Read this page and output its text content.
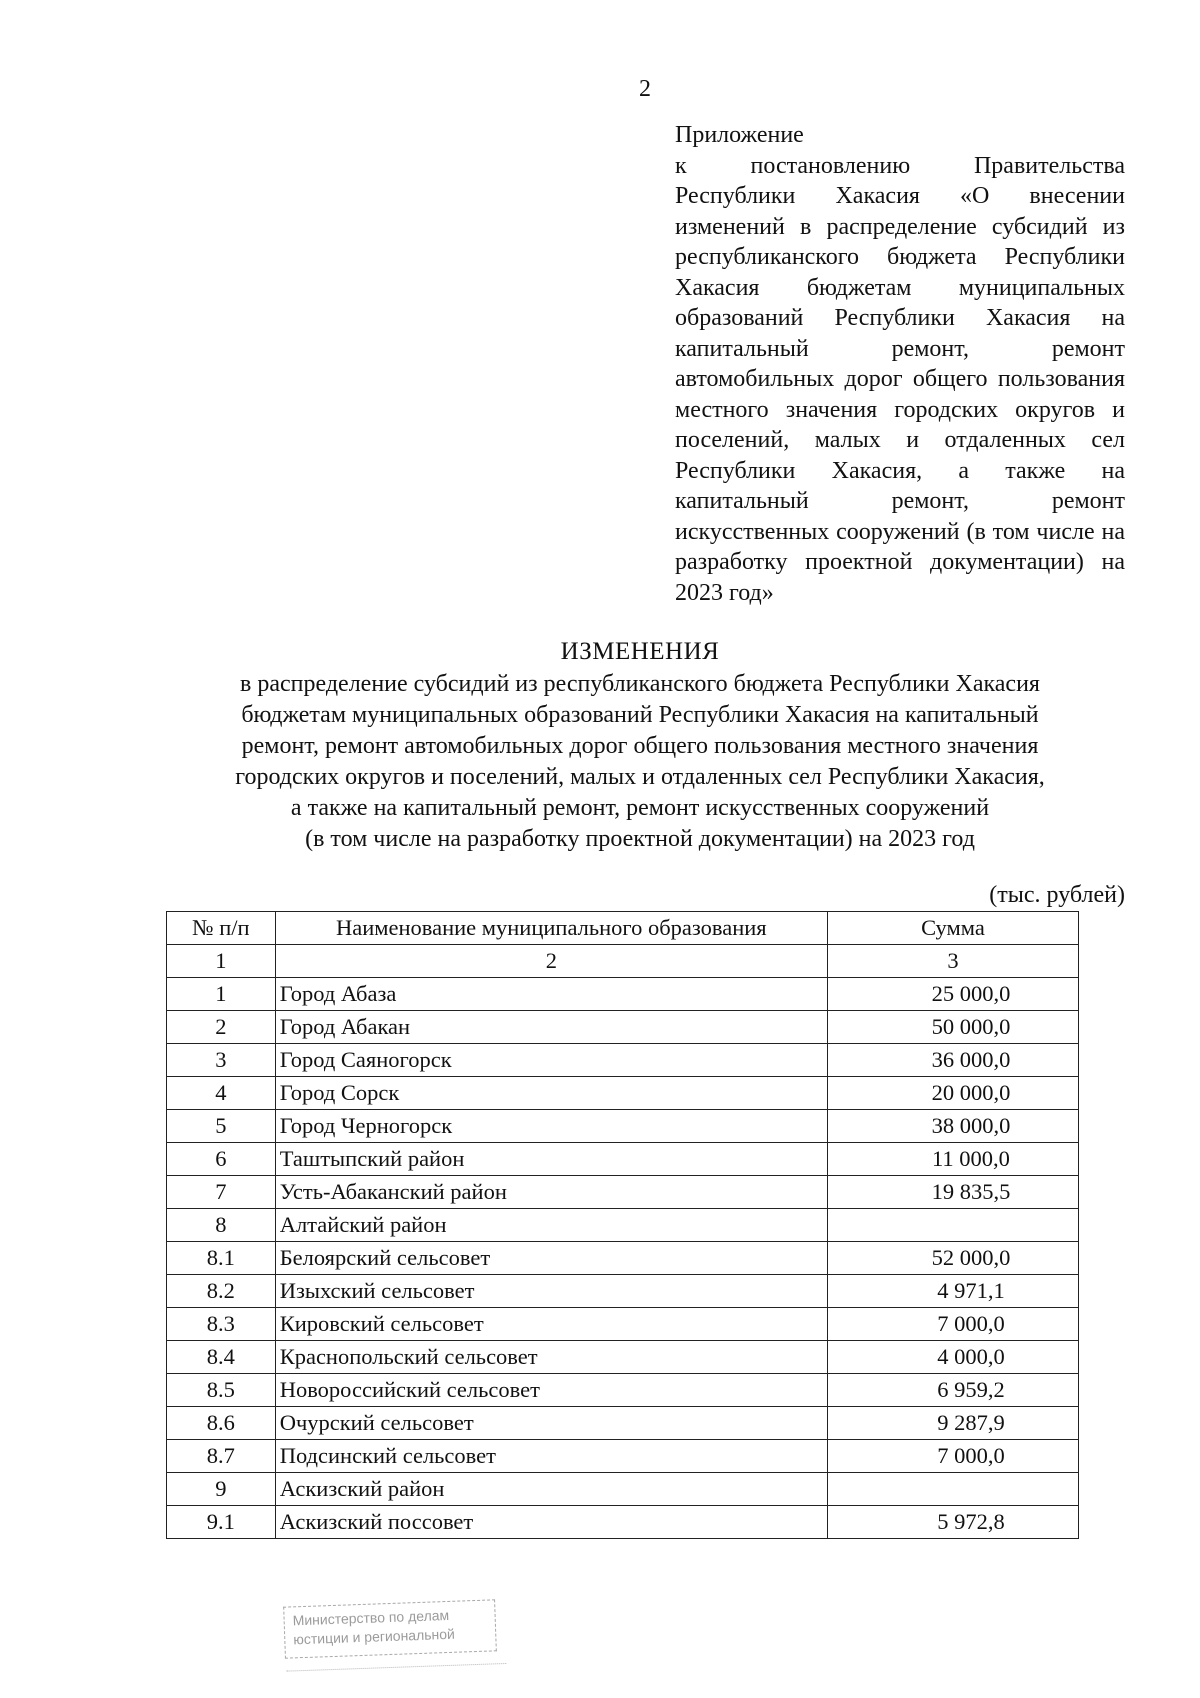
2
Приложение
к постановлению Правительства Республики Хакасия «О внесении изменений в распределение субсидий из республиканского бюджета Республики Хакасия бюджетам муниципальных образований Республики Хакасия на капитальный ремонт, ремонт автомобильных дорог общего пользования местного значения городских округов и поселений, малых и отдаленных сел Республики Хакасия, а также на капитальный ремонт, ремонт искусственных сооружений (в том числе на разработку проектной документации) на 2023 год»
ИЗМЕНЕНИЯ
в распределение субсидий из республиканского бюджета Республики Хакасия
бюджетам муниципальных образований Республики Хакасия на капитальный
ремонт, ремонт автомобильных дорог общего пользования местного значения
городских округов и поселений, малых и отдаленных сел Республики Хакасия,
а также на капитальный ремонт, ремонт искусственных сооружений
(в том числе на разработку проектной документации) на 2023 год
(тыс. рублей)
№ п/п	Наименование муниципального образования	Сумма
1	2	3
1	Город Абаза	25 000,0
2	Город Абакан	50 000,0
3	Город Саяногорск	36 000,0
4	Город Сорск	20 000,0
5	Город Черногорск	38 000,0
6	Таштыпский район	11 000,0
7	Усть-Абаканский район	19 835,5
8	Алтайский район	
8.1	Белоярский сельсовет	52 000,0
8.2	Изыхский сельсовет	4 971,1
8.3	Кировский сельсовет	7 000,0
8.4	Краснопольский сельсовет	4 000,0
8.5	Новороссийский сельсовет	6 959,2
8.6	Очурский сельсовет	9 287,9
8.7	Подсинский сельсовет	7 000,0
9	Аскизский район	
9.1	Аскизский поссовет	5 972,8
Министерство по делам
юстиции и региональной
